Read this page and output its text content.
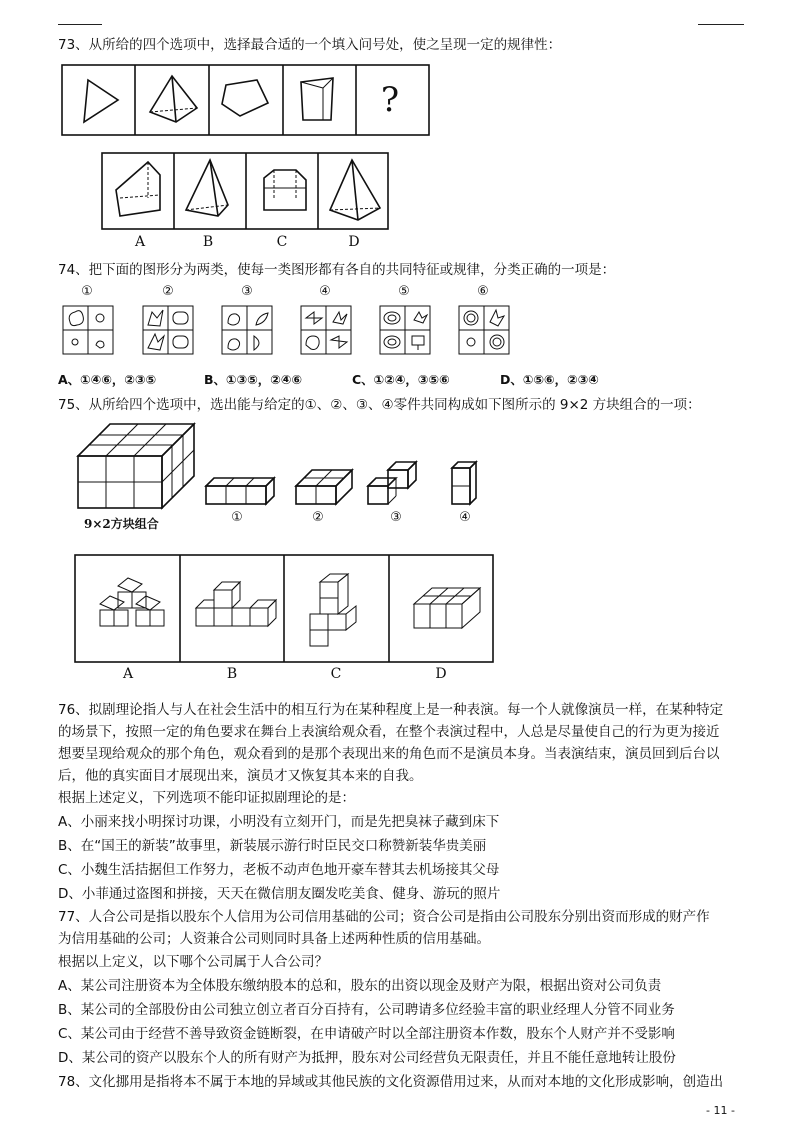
73、从所给的四个选项中，选择最合适的一个填入问号处，使之呈现一定的规律性：
?
A	B	C	D
74、把下面的图形分为两类，使每一类图形都有各自的共同特征或规律，分类正确的一项是：
①	②	③	④	⑤	⑥
A、①④⑥，②③⑤	B、①③⑤，②④⑥	C、①②④，③⑤⑥	D、①⑤⑥，②③④
75、从所给四个选项中，选出能与给定的①、②、③、④零件共同构成如下图所示的 9×2 方块组合的一项：
9×2方块组合	①	②	③	④
A	B	C	D
76、拟剧理论指人与人在社会生活中的相互行为在某种程度上是一种表演。每一个人就像演员一样，在某种特定
的场景下，按照一定的角色要求在舞台上表演给观众看，在整个表演过程中，人总是尽量使自己的行为更为接近
想要呈现给观众的那个角色，观众看到的是那个表现出来的角色而不是演员本身。当表演结束，演员回到后台以
后，他的真实面目才展现出来，演员才又恢复其本来的自我。
根据上述定义，下列选项不能印证拟剧理论的是：
A、小丽来找小明探讨功课，小明没有立刻开门，而是先把臭袜子藏到床下
B、在“国王的新装”故事里，新装展示游行时臣民交口称赞新装华贵美丽
C、小魏生活拮据但工作努力，老板不动声色地开豪车替其去机场接其父母
D、小菲通过盗图和拼接，天天在微信朋友圈发吃美食、健身、游玩的照片
77、人合公司是指以股东个人信用为公司信用基础的公司；资合公司是指由公司股东分别出资而形成的财产作
为信用基础的公司；人资兼合公司则同时具备上述两种性质的信用基础。
根据以上定义，以下哪个公司属于人合公司？
A、某公司注册资本为全体股东缴纳股本的总和，股东的出资以现金及财产为限，根据出资对公司负责
B、某公司的全部股份由公司独立创立者百分百持有，公司聘请多位经验丰富的职业经理人分管不同业务
C、某公司由于经营不善导致资金链断裂，在申请破产时以全部注册资本作数，股东个人财产并不受影响
D、某公司的资产以股东个人的所有财产为抵押，股东对公司经营负无限责任，并且不能任意地转让股份
78、文化挪用是指将本不属于本地的异域或其他民族的文化资源借用过来，从而对本地的文化形成影响，创造出
- 11 -
